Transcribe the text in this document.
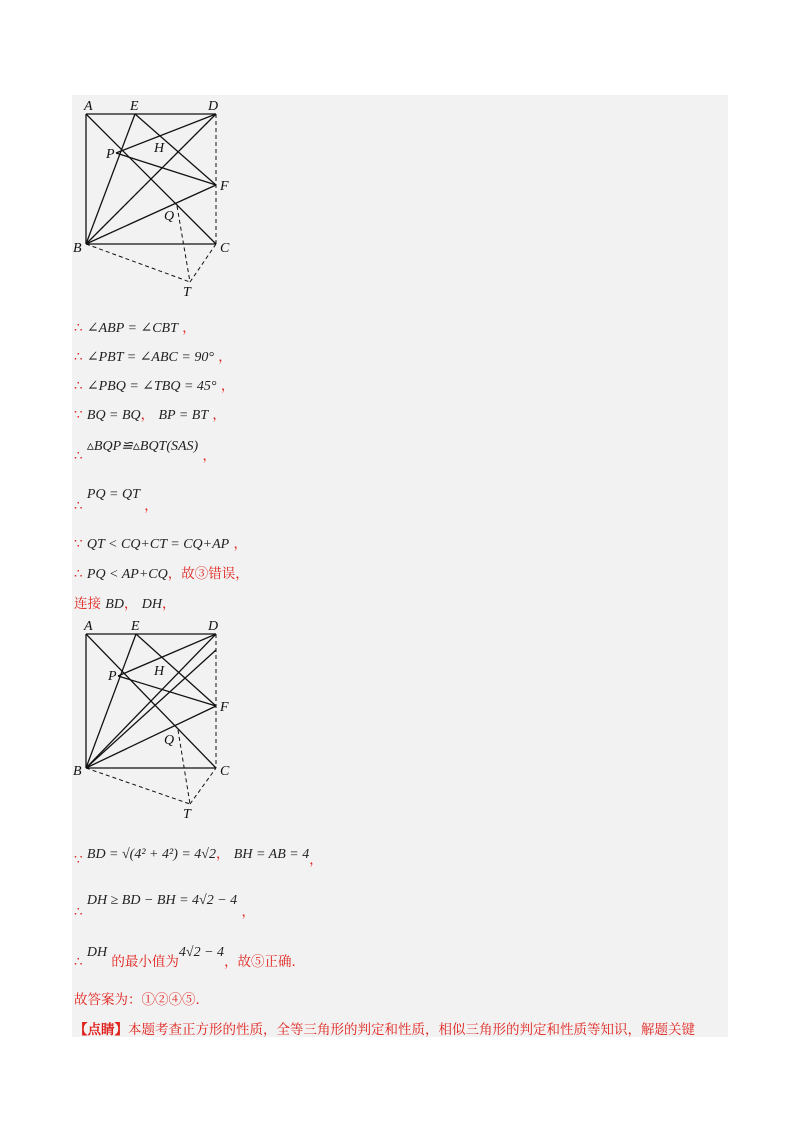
A	E	D
P	H
F
Q
B	C
T
∴ ∠ABP = ∠CBT ，
∴ ∠PBT = ∠ABC = 90° ，
∴ ∠PBQ = ∠TBQ = 45° ，
∵ BQ = BQ， BP = BT ，
∴ ▵BQP≌▵BQT(SAS) ，
∴ PQ = QT ，
∵ QT < CQ+CT = CQ+AP ，
∴ PQ < AP+CQ，故③错误，
连接 BD， DH，
A	E	D
P	H
F
Q
B	C
T
∵ BD = √(4² + 4²) = 4√2， BH = AB = 4，
∴ DH ≥ BD − BH = 4√2 − 4 ，
∴ DH 的最小值为4√2 − 4，故⑤正确．
故答案为：①②④⑤．
【点睛】本题考查正方形的性质，全等三角形的判定和性质，相似三角形的判定和性质等知识，解题关键
